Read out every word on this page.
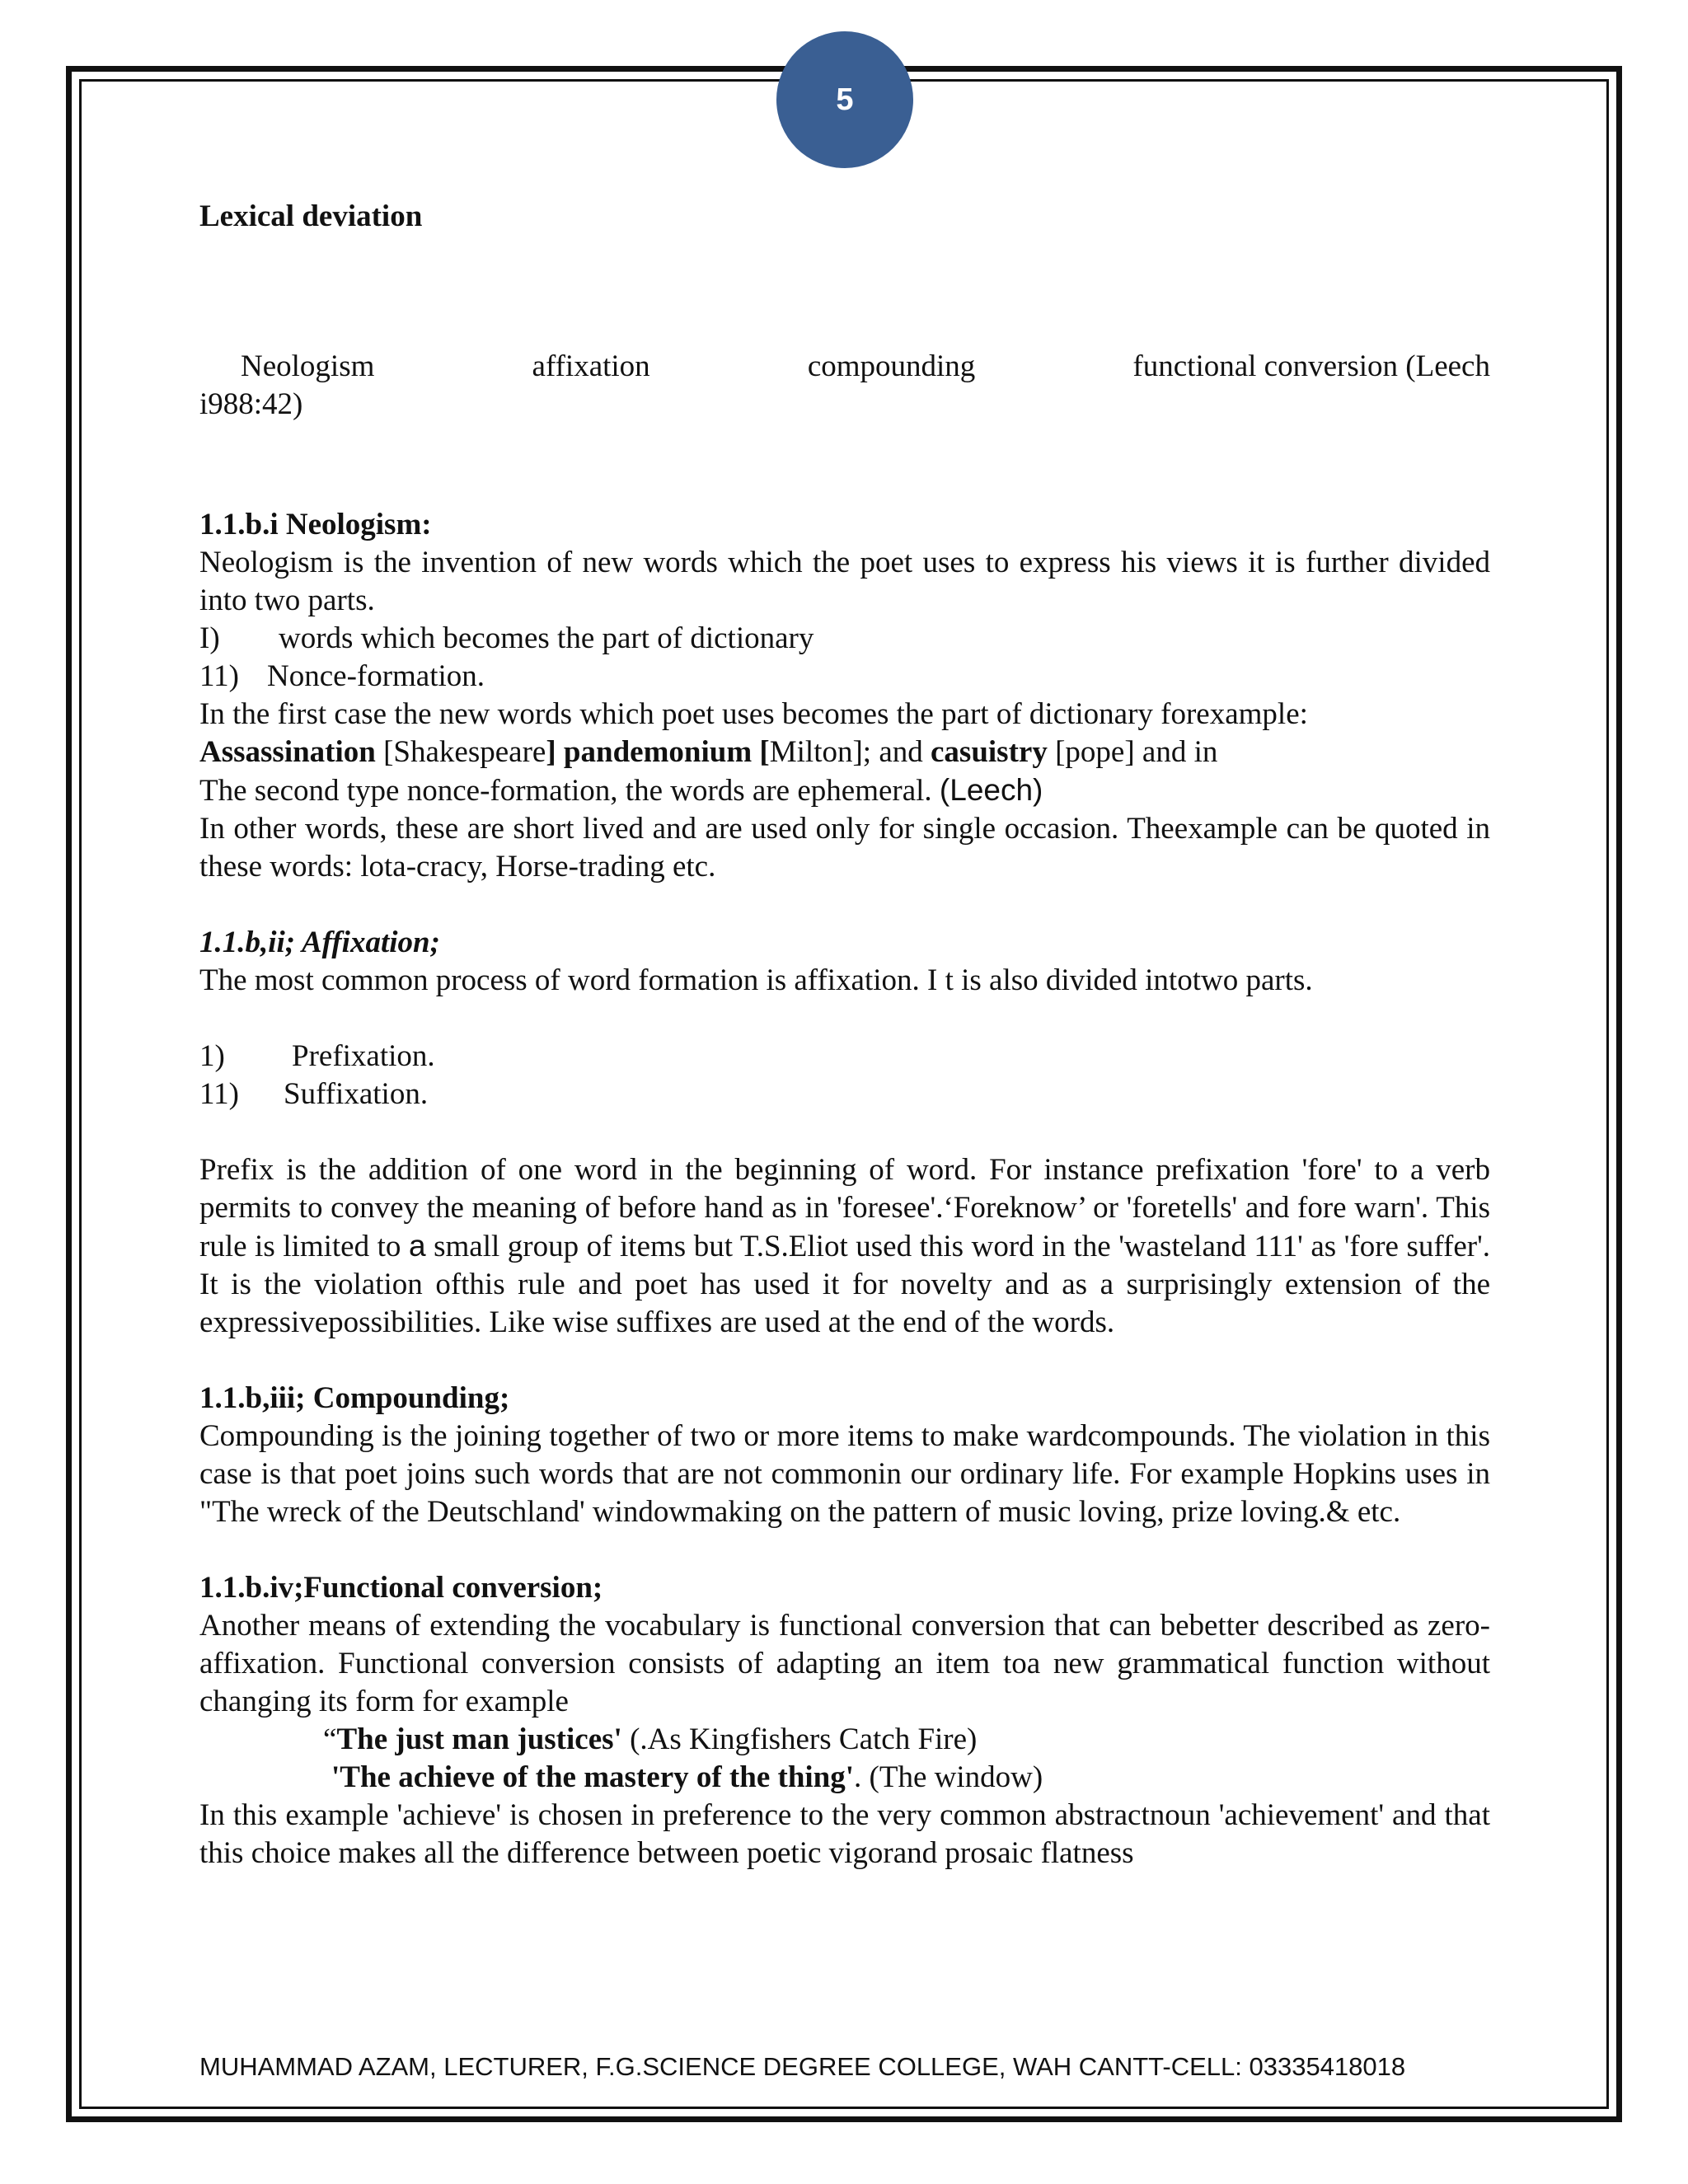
5

Lexical deviation

Neologism	affixation	compounding	functional conversion (Leech

i988:42)

1.1.b.i Neologism:

Neologism is the invention of new words which the poet uses to express his views it is further divided into two parts.

I)	words which becomes the part of dictionary
11) Nonce-formation.

In the first case the new words which poet uses becomes the part of dictionary forexample:

Assassination [Shakespeare] pandemonium [Milton]; and casuistry [pope] and in

The second type nonce-formation, the words are ephemeral. (Leech)

In other words, these are short lived and are used only for single occasion. Theexample can be quoted in these words: lota-cracy, Horse-trading etc.

1.1.b,ii; Affixation;

The most common process of word formation is affixation. I t is also divided intotwo parts.

1)	Prefixation.
11)	Suffixation.

Prefix is the addition of one word in the beginning of word. For instance prefixation 'fore' to a verb permits to convey the meaning of before hand as in 'foresee'.‘Foreknow’ or 'foretells' and fore warn'. This rule is limited to a small group of items but T.S.Eliot used this word in the 'wasteland 111' as 'fore suffer'. It is the violation ofthis rule and poet has used it for novelty and as a surprisingly extension of the expressivepossibilities. Like wise suffixes are used at the end of the words.

1.1.b,iii; Compounding;

Compounding is the joining together of two or more items to make wardcompounds. The violation in this case is that poet joins such words that are not commonin our ordinary life. For example Hopkins uses in "The wreck of the Deutschland' windowmaking on the pattern of music loving, prize loving.& etc.

1.1.b.iv;Functional conversion;

Another means of extending the vocabulary is functional conversion that can bebetter described as zero-affixation. Functional conversion consists of adapting an item toa new grammatical function without changing its form for example

“The just man justices' (.As Kingfishers Catch Fire)

'The achieve of the mastery of the thing'. (The window)

In this example 'achieve' is chosen in preference to the very common abstractnoun 'achievement' and that this choice makes all the difference between poetic vigorand prosaic flatness

MUHAMMAD AZAM, LECTURER, F.G.SCIENCE DEGREE COLLEGE, WAH CANTT-CELL: 03335418018
